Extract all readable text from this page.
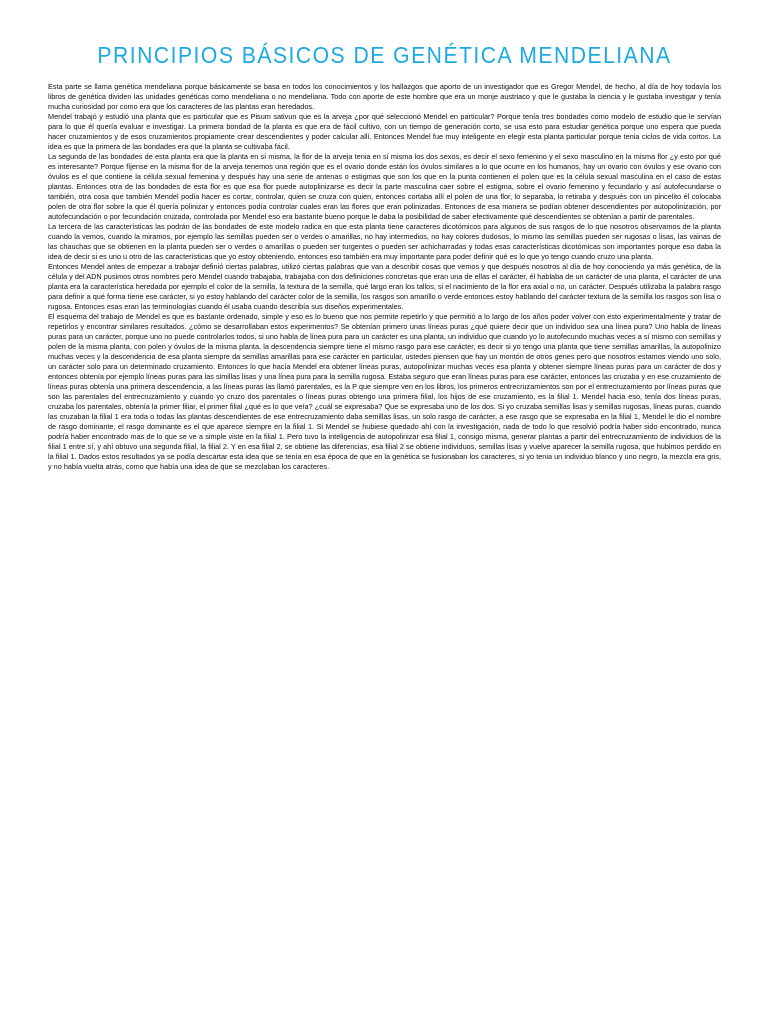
PRINCIPIOS BÁSICOS DE GENÉTICA MENDELIANA

Esta parte se llama genética mendeliana porque básicamente se basa en todos los conocimientos y los hallazgos que aporto de un investigador que es Gregor Mendel, de hecho, al día de hoy todavía los libros de genética dividen las unidades genéticas como mendeliana o no mendeliana. Todo con aporte de este hombre que era un monje austriaco y que le gustaba la ciencia y le gustaba investigar y tenía mucha curiosidad por como era que los caracteres de las plantas eran heredados.

Mendel trabajó y estudió una planta que es particular que es Pisum sativun que es la arveja ¿por qué seleccionó Mendel en particular? Porque tenía tres bondades como modelo de estudio que le servían para lo que él quería evaluar e investigar. La primera bondad de la planta es que era de fácil cultivo, con un tiempo de generación corto, se usa esto para estudiar genética porque uno espera que pueda hacer cruzamientos y de esos cruzamientos propiamente crear descendientes y poder calcular allí. Entonces Mendel fue muy inteligente en elegir esta planta particular porque tenia ciclos de vida cortos. La idea es que la primera de las bondades era que la planta se cultivaba fácil.

La segunda de las bondades de esta planta era que la planta en sí misma, la flor de la arveja tenia en sí misma los dos sexos, es decir el sexo femenino y el sexo masculino en la misma flor ¿y esto por qué es interesante? Porque fíjense en la misma flor de la arveja tenemos una región que es el ovario donde están los óvulos similares a lo que ocurre en los humanos, hay un ovario con óvulos y ese ovario con óvulos es el que contiene la célula sexual femenina y después hay una serie de antenas o estigmas que son los que en la punta contienen el polen que es la célula sexual masculina en el caso de estas plantas. Entonces otra de las bondades de esta flor es que esa flor puede autoplinizarse es decir la parte masculina caer sobre el estigma, sobre el ovario femenino y fecundarlo y así autofecundarse o también, otra cosa que también Mendel podía hacer es cortar, controlar, quien se cruza con quien, entonces cortaba allí el polen de una flor, lo separaba, lo retiraba y después con un pincelito él colocaba polen de otra flor sobre la que él quería polinizar y entonces podía controlar cuales eran las flores que eran polinizadas. Entonces de esa manera se podían obtener descendientes por autopolinización, por autofecundación o por fecundación cruzada, controlada por Mendel eso era bastante bueno porque le daba la posibilidad de saber efectivamente qué descendientes se obtenían a partir de parentales.

La tercera de las características las podrán de las bondades de este modelo radica en que esta planta tiene caracteres dicotómicos para algunos de sus rasgos de lo que nosotros observamos de la planta cuando la vemos, cuando la miramos, por ejemplo las semillas pueden ser o verdes o amarillas, no hay intermedios, no hay colores dudosos, lo mismo las semillas pueden ser rugosas o lisas, las vainas de las chauchas que se obtienen en la planta pueden ser o verdes o amarillas o pueden ser turgentes o pueden ser achicharradas y todas esas características dicotómicas son importantes porque eso daba la idea de decir si es uno u otro de las características que yo estoy obteniendo, entonces eso también era muy importante para poder definir qué es lo que yo tengo cuando cruzo una planta.

Entonces Mendel antes de empezar a trabajar definió ciertas palabras, utilizó ciertas palabras que van a describir cosas que vemos y que después nosotros al día de hoy conociendo ya más genética, de la célula y del ADN pusimos otros nombres pero Mendel cuando trabajaba, trabajaba con dos definiciones concretas que eran una de ellas el carácter, él hablaba de un carácter de una planta, el carácter de una planta era la característica heredada por ejemplo el color de la semilla, la textura de la semilla, qué largo eran los tallos, si el nacimiento de la flor era axial o no, un carácter. Después utilizaba la palabra rasgo para definir a qué forma tiene ese carácter, si yo estoy hablando del carácter color de la semilla, los rasgos son amarillo o verde entonces estoy hablando del carácter textura de la semilla los rasgos son lisa o rugosa. Entonces esas eran las terminologías cuando él usaba cuando describía sus diseños experimentales.

El esquema del trabajo de Mendel es que es bastante ordenado, simple y eso es lo bueno que nos permite repetirlo y que permitió a lo largo de los años poder volver con esto experimentalmente y tratar de repetirlos y encontrar similares resultados. ¿cómo se desarrollaban estos experimentos? Se obtenían primero unas líneas puras ¿qué quiere decir que un individuo sea una línea pura? Uno habla de líneas puras para un carácter, porque uno no puede controlarlos todos, si uno habla de línea pura para un carácter es una planta, un individuo que cuando yo lo autofecundo muchas veces a sí mismo con semillas y polen de la misma planta, con polen y óvulos de la misma planta, la descendencia siempre tiene el mismo rasgo para ese carácter, es decir si yo tengo una planta que tiene semillas amarillas, la autopolinizo muchas veces y la descendencia de esa planta siempre da semillas amarillas para ese carácter en particular, ustedes piensen que hay un montón de otros genes pero que nosotros estamos viendo uno solo, un carácter solo para un determinado cruzamiento. Entonces lo que hacía Mendel era obtener líneas puras, autopolinizar muchas veces esa planta y obtener siempre líneas puras para un carácter de dos y entonces obtenía por ejemplo líneas puras para las simillas lisas y una línea pura para la semilla rugosa. Estaba seguro que eran líneas puras para ese carácter, entonces las cruzaba y en ese cruzamiento de líneas puras obtenía una primera descendencia, a las líneas puras las llamó parentales, es la P que siempre ven en los libros, los primeros entrecruzamientos son por el entrecruzamiento por líneas puras que son las parentales del entrecruzamiento y cuando yo cruzo dos parentales o líneas puras obtengo una primera filial, los hijos de ese cruzamiento, es la filial 1. Mendel hacia eso, tenía dos líneas puras, cruzaba los parentales, obtenía la primer filiar, el primer filial ¿qué es lo que veía? ¿cuál se expresaba? Que se expresaba uno de los dos. Si yo cruzaba semillas lisas y semillas rugosas, líneas puras, cuando las cruzaban la filial 1 era toda o todas las plantas descendientes de ese entrecruzamiento daba semillas lisas, un solo rasgo de carácter, a ese rasgo que se expresaba en la filial 1, Mendel le dio el nombre de rasgo dominante, el rasgo dominante es el que aparece siempre en la filial 1. Si Mendel se hubiese quedado ahí con la investigación, nada de todo lo que resolvió podría haber sido encontrado, nunca podría haber encontrado mas de lo que se ve a simple viste en la filial 1. Pero tuvo la inteligencia de autopolinizar esa filial 1, consigo misma, generar plantas a partir del entrecruzamiento de individuos de la filial 1 entre sí, y ahí obtuvo una segunda filial, la filial 2. Y en esa filial 2, se obtiene las diferencias, esa filial 2 se obtiene individuos, semillas lisas y vuelve aparecer la semilla rugosa, que hubimos perdido en la filial 1. Dados estos resultados ya se podía descartar esta idea que se tenía en esa época de que en la genética se fusionaban los caracteres, si yo tenia un individuo blanco y uno negro, la mezcla era gris, y no había vuelta atrás, como que había una idea de que se mezclaban los caracteres.
